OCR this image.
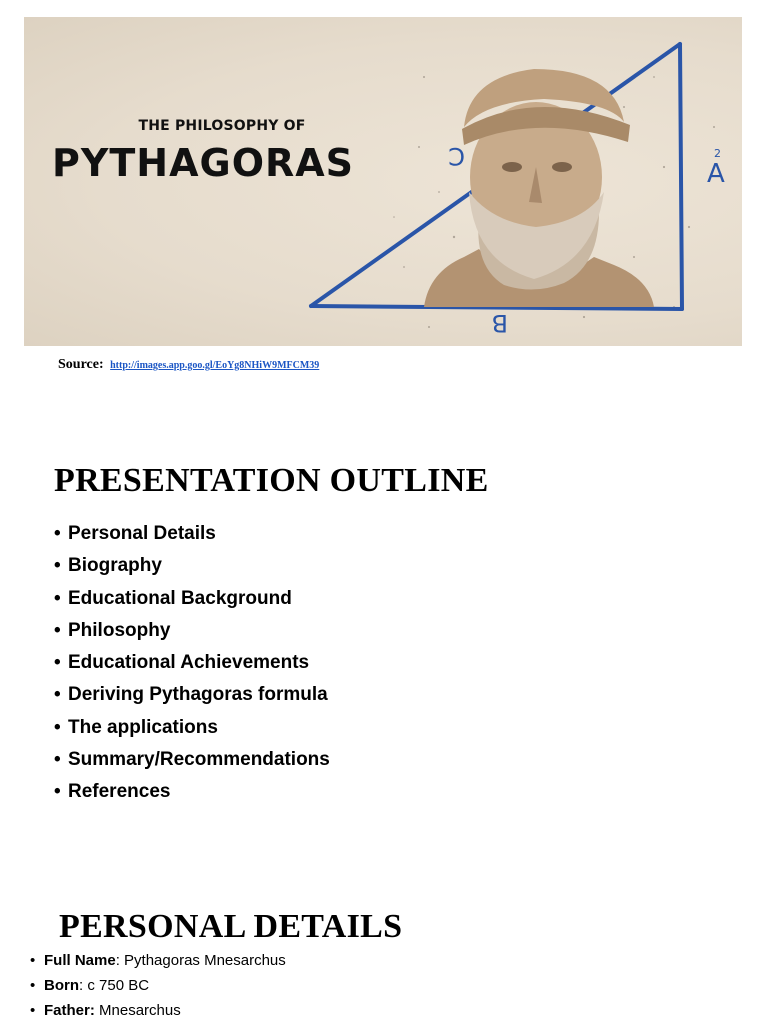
A
2
B
C
THE PHILOSOPHY OF
PYTHAGORAS
Source: http://images.app.goo.gl/EoYg8NHiW9MFCM39
PRESENTATION OUTLINE
• Personal Details
• Biography
• Educational Background
• Philosophy
• Educational Achievements
• Deriving Pythagoras formula
• The applications
• Summary/Recommendations
• References
PERSONAL DETAILS
• Full Name: Pythagoras Mnesarchus
• Born: c 750 BC
• Father: Mnesarchus
